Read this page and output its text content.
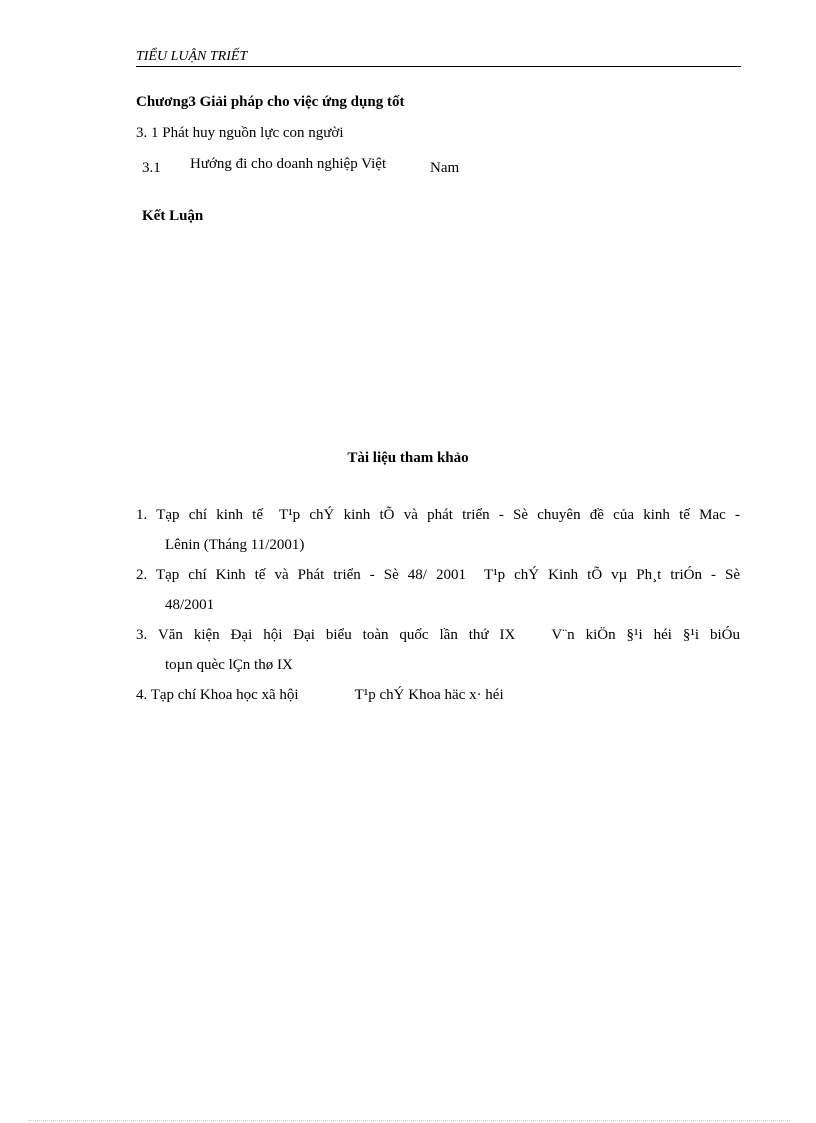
TIỂU LUẬN TRIẾT
Chương3 Giải pháp cho việc ứng dụng tốt
3. 1 Phát huy nguồn lực con người
3.1 Hướng đi cho doanh nghiệp Việt	Nam
Kết Luận
Tài liệu tham khảo
1. Tạp chí kinh tế T¹p chÝ kinh tÕ và phát triển - Sè chuyên đề của kinh tế Mac -
Lênin (Tháng 11/2001)
2. Tạp chí Kinh tế và Phát triển - Sè 48/ 2001 T¹p chÝ Kinh tÕ vµ Ph¸t triÓn - Sè
48/2001
3. Văn kiện Đại hội Đại biểu toàn quốc lần thứ IX V¨n kiÖn §¹i héi §¹i biÓu
toµn quèc lÇn thø IX
4. Tạp chí Khoa học xã hội	T¹p chÝ Khoa häc x· héi
